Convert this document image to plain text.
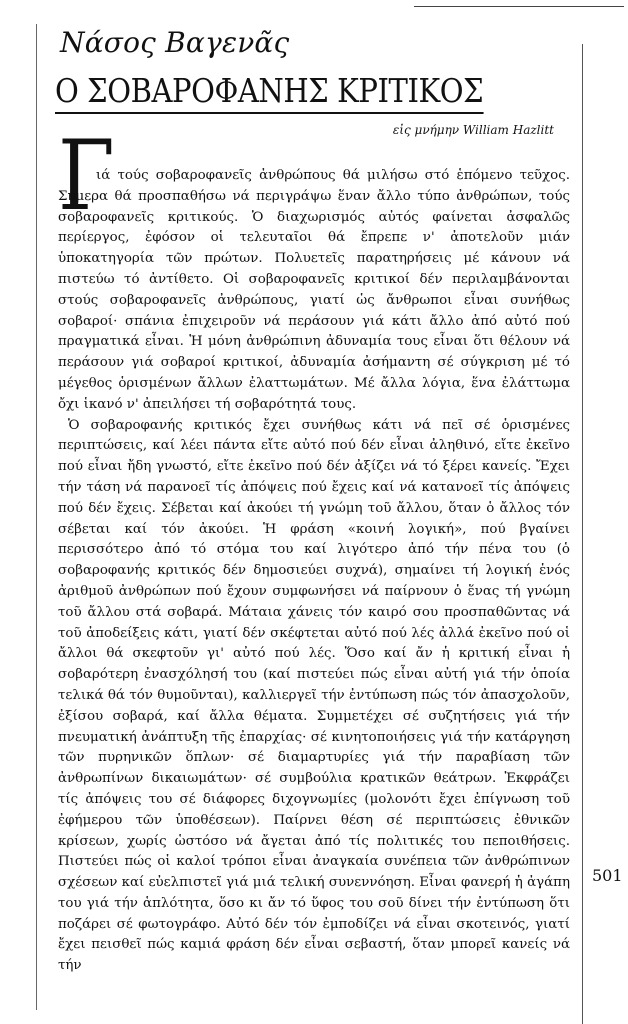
Νάσος Βαγενᾶς
Ο ΣΟΒΑΡΟΦΑΝΗΣ ΚΡΙΤΙΚΟΣ
εἰς μνήμην William Hazlitt
Γ

ιά τούς σοβαροφανεῖς ἀνθρώπους θά μιλήσω στό ἑπόμενο τεῦχος. Σήμερα θά προσπαθήσω νά περιγράψω ἕναν ἄλλο τύπο ἀνθρώπων, τούς σοβαροφανεῖς κριτικούς. Ὁ διαχωρισμός αὐτός φαίνεται ἀσφαλῶς περίεργος, ἐφόσον οἱ τελευταῖοι θά ἔπρεπε ν' ἀποτελοῦν μιάν ὑποκατηγορία τῶν πρώτων. Πολυετεῖς παρατηρήσεις μέ κάνουν νά πιστεύω τό ἀντίθετο. Οἱ σοβαροφανεῖς κριτικοί δέν περιλαμβάνονται στούς σοβαροφανεῖς ἀνθρώπους, γιατί ὡς ἄνθρωποι εἶναι συνήθως σοβαροί· σπάνια ἐπιχειροῦν νά περάσουν γιά κάτι ἄλλο ἀπό αὐτό πού πραγματικά εἶναι. Ἡ μόνη ἀνθρώπινη ἀδυναμία τους εἶναι ὅτι θέλουν νά περάσουν γιά σοβαροί κριτικοί, ἀδυναμία ἀσήμαντη σέ σύγκριση μέ τό μέγεθος ὁρισμένων ἄλλων ἐλαττωμάτων. Μέ ἄλλα λόγια, ἕνα ἐλάττωμα ὄχι ἱκανό ν' ἀπειλήσει τή σοβαρότητά τους.

Ὁ σοβαροφανής κριτικός ἔχει συνήθως κάτι νά πεῖ σέ ὁρισμένες περιπτώσεις, καί λέει πάντα εἴτε αὐτό πού δέν εἶναι ἀληθινό, εἴτε ἐκεῖνο πού εἶναι ἤδη γνωστό, εἴτε ἐκεῖνο πού δέν ἀξίζει νά τό ξέρει κανείς. Ἔχει τήν τάση νά παρανοεῖ τίς ἀπόψεις πού ἔχεις καί νά κατανοεῖ τίς ἀπόψεις πού δέν ἔχεις. Σέβεται καί ἀκούει τή γνώμη τοῦ ἄλλου, ὅταν ὁ ἄλλος τόν σέβεται καί τόν ἀκούει. Ἡ φράση «κοινή λογική», πού βγαίνει περισσότερο ἀπό τό στόμα του καί λιγότερο ἀπό τήν πένα του (ὁ σοβαροφανής κριτικός δέν δημοσιεύει συχνά), σημαίνει τή λογική ἑνός ἀριθμοῦ ἀνθρώπων πού ἔχουν συμφωνήσει νά παίρνουν ὁ ἕνας τή γνώμη τοῦ ἄλλου στά σοβαρά. Μάταια χάνεις τόν καιρό σου προσπαθῶντας νά τοῦ ἀποδείξεις κάτι, γιατί δέν σκέφτεται αὐτό πού λές ἀλλά ἐκεῖνο πού οἱ ἄλλοι θά σκεφτοῦν γι' αὐτό πού λές. Ὅσο καί ἄν ἡ κριτική εἶναι ἡ σοβαρότερη ἐνασχόλησή του (καί πιστεύει πώς εἶναι αὐτή γιά τήν ὁποία τελικά θά τόν θυμοῦνται), καλλιεργεῖ τήν ἐντύπωση πώς τόν ἀπασχολοῦν, ἐξίσου σοβαρά, καί ἄλλα θέματα. Συμμετέχει σέ συζητήσεις γιά τήν πνευματική ἀνάπτυξη τῆς ἐπαρχίας· σέ κινητοποιήσεις γιά τήν κατάργηση τῶν πυρηνικῶν ὅπλων· σέ διαμαρτυρίες γιά τήν παραβίαση τῶν ἀνθρωπίνων δικαιωμάτων· σέ συμβούλια κρατικῶν θεάτρων. Ἐκφράζει τίς ἀπόψεις του σέ διάφορες διχογνωμίες (μολονότι ἔχει ἐπίγνωση τοῦ ἐφήμερου τῶν ὑποθέσεων). Παίρνει θέση σέ περιπτώσεις ἐθνικῶν κρίσεων, χωρίς ὡστόσο νά ἄγεται ἀπό τίς πολιτικές του πεποιθήσεις. Πιστεύει πώς οἱ καλοί τρόποι εἶναι ἀναγκαία συνέπεια τῶν ἀνθρώπινων σχέσεων καί εὐελπιστεῖ γιά μιά τελική συνεννόηση. Εἶναι φανερή ἡ ἀγάπη του γιά τήν ἁπλότητα, ὅσο κι ἄν τό ὕφος του σοῦ δίνει τήν ἐντύπωση ὅτι ποζάρει σέ φωτογράφο. Αὐτό δέν τόν ἐμποδίζει νά εἶναι σκοτεινός, γιατί ἔχει πεισθεῖ πώς καμιά φράση δέν εἶναι σεβαστή, ὅταν μπορεῖ κανείς νά τήν

501
